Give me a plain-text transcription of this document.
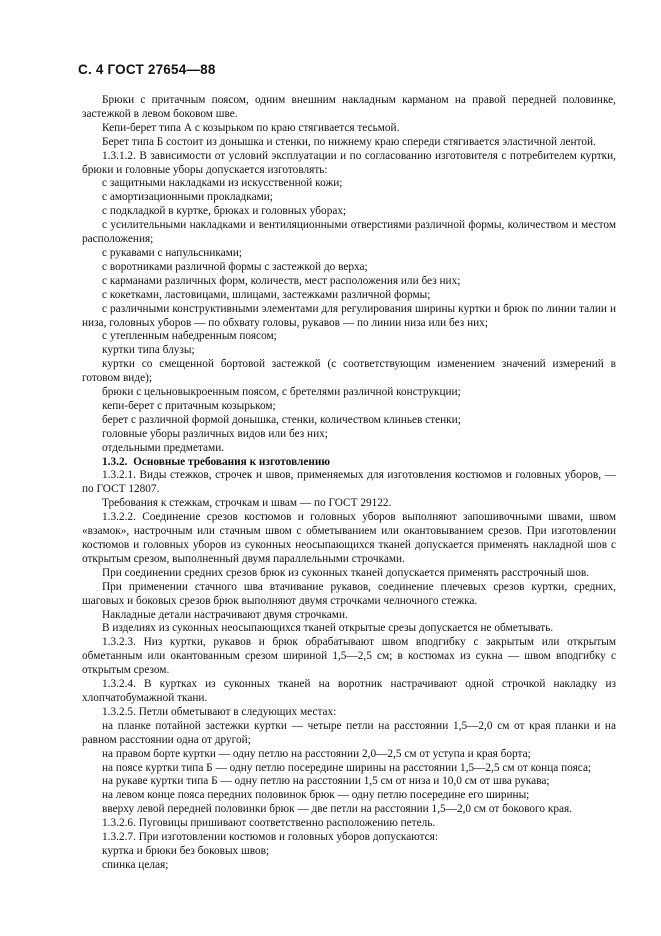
С. 4 ГОСТ 27654—88

Брюки с притачным поясом, одним внешним накладным карманом на правой передней половинке, застежкой в левом боковом шве.

Кепи-берет типа А с козырьком по краю стягивается тесьмой.

Берет типа Б состоит из донышка и стенки, по нижнему краю спереди стягивается эластичной лентой.

1.3.1.2. В зависимости от условий эксплуатации и по согласованию изготовителя с потребителем куртки, брюки и головные уборы допускается изготовлять:

с защитными накладками из искусственной кожи;

с амортизационными прокладками;

с подкладкой в куртке, брюках и головных уборах;

с усилительными накладками и вентиляционными отверстиями различной формы, количеством и местом расположения;

с рукавами с напульсниками;

с воротниками различной формы с застежкой до верха;

с карманами различных форм, количеств, мест расположения или без них;

с кокетками, ластовицами, шлицами, застежками различной формы;

с различными конструктивными элементами для регулирования ширины куртки и брюк по линии талии и низа, головных уборов — по обхвату головы, рукавов — по линии низа или без них;

с утепленным набедренным поясом;

куртки типа блузы;

куртки со смещенной бортовой застежкой (с соответствующим изменением значений измерений в готовом виде);

брюки с цельновыкроенным поясом, с бретелями различной конструкции;

кепи-берет с притачным козырьком;

берет с различной формой донышка, стенки, количеством клиньев стенки;

головные уборы различных видов или без них;

отдельными предметами.

1.3.2. Основные требования к изготовлению

1.3.2.1. Виды стежков, строчек и швов, применяемых для изготовления костюмов и головных уборов, — по ГОСТ 12807.

Требования к стежкам, строчкам и швам — по ГОСТ 29122.

1.3.2.2. Соединение срезов костюмов и головных уборов выполняют запошивочными швами, швом «взамок», настрочным или стачным швом с обметыванием или окантовыванием срезов. При изготовлении костюмов и головных уборов из суконных неосыпающихся тканей допускается применять накладной шов с открытым срезом, выполненный двумя параллельными строчками.

При соединении средних срезов брюк из суконных тканей допускается применять расстрочный шов.

При применении стачного шва втачивание рукавов, соединение плечевых срезов куртки, средних, шаговых и боковых срезов брюк выполняют двумя строчками челночного стежка.

Накладные детали настрачивают двумя строчками.

В изделиях из суконных неосыпающихся тканей открытые срезы допускается не обметывать.

1.3.2.3. Низ куртки, рукавов и брюк обрабатывают швом вподгибку с закрытым или открытым обметанным или окантованным срезом шириной 1,5—2,5 см; в костюмах из сукна — швом вподгибку с открытым срезом.

1.3.2.4. В куртках из суконных тканей на воротник настрачивают одной строчкой накладку из хлопчатобумажной ткани.

1.3.2.5. Петли обметывают в следующих местах:

на планке потайной застежки куртки — четыре петли на расстоянии 1,5—2,0 см от края планки и на равном расстоянии одна от другой;

на правом борте куртки — одну петлю на расстоянии 2,0—2,5 см от уступа и края борта;

на поясе куртки типа Б — одну петлю посередине ширины на расстоянии 1,5—2,5 см от конца пояса;

на рукаве куртки типа Б — одну петлю на расстоянии 1,5 см от низа и 10,0 см от шва рукава;

на левом конце пояса передних половинок брюк — одну петлю посередине его ширины;

вверху левой передней половинки брюк — две петли на расстоянии 1,5—2,0 см от бокового края.

1.3.2.6. Пуговицы пришивают соответственно расположению петель.

1.3.2.7. При изготовлении костюмов и головных уборов допускаются:

куртка и брюки без боковых швов;

спинка целая;
